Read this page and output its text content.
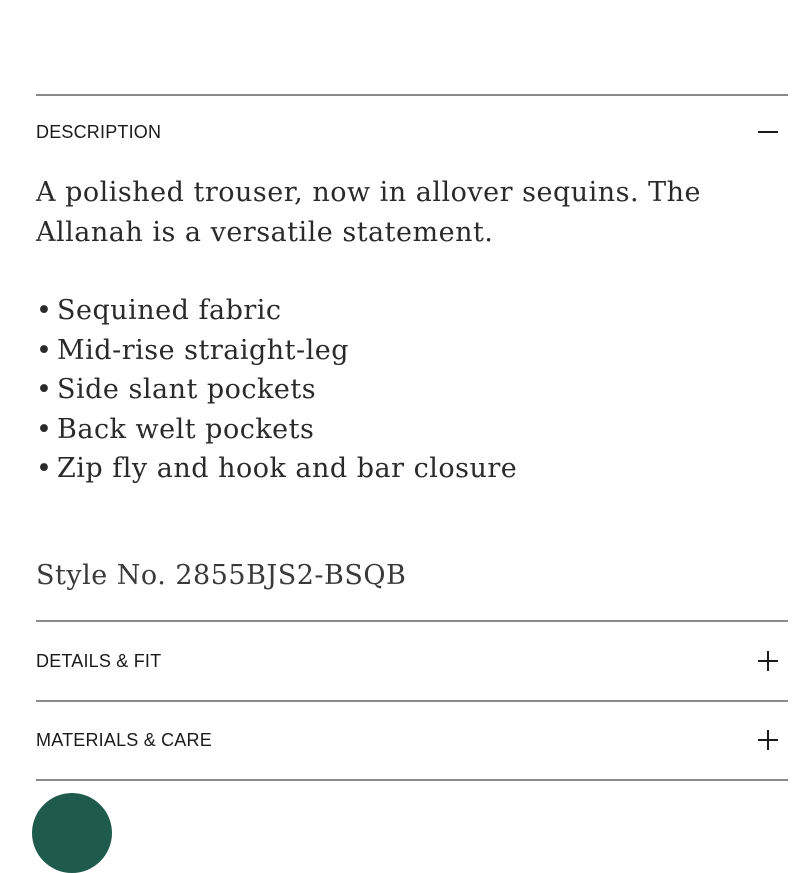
DESCRIPTION
A polished trouser, now in allover sequins. The Allanah is a versatile statement.
• Sequined fabric
• Mid-rise straight-leg
• Side slant pockets
• Back welt pockets
• Zip fly and hook and bar closure
Style No. 2855BJS2-BSQB
DETAILS & FIT
MATERIALS & CARE
